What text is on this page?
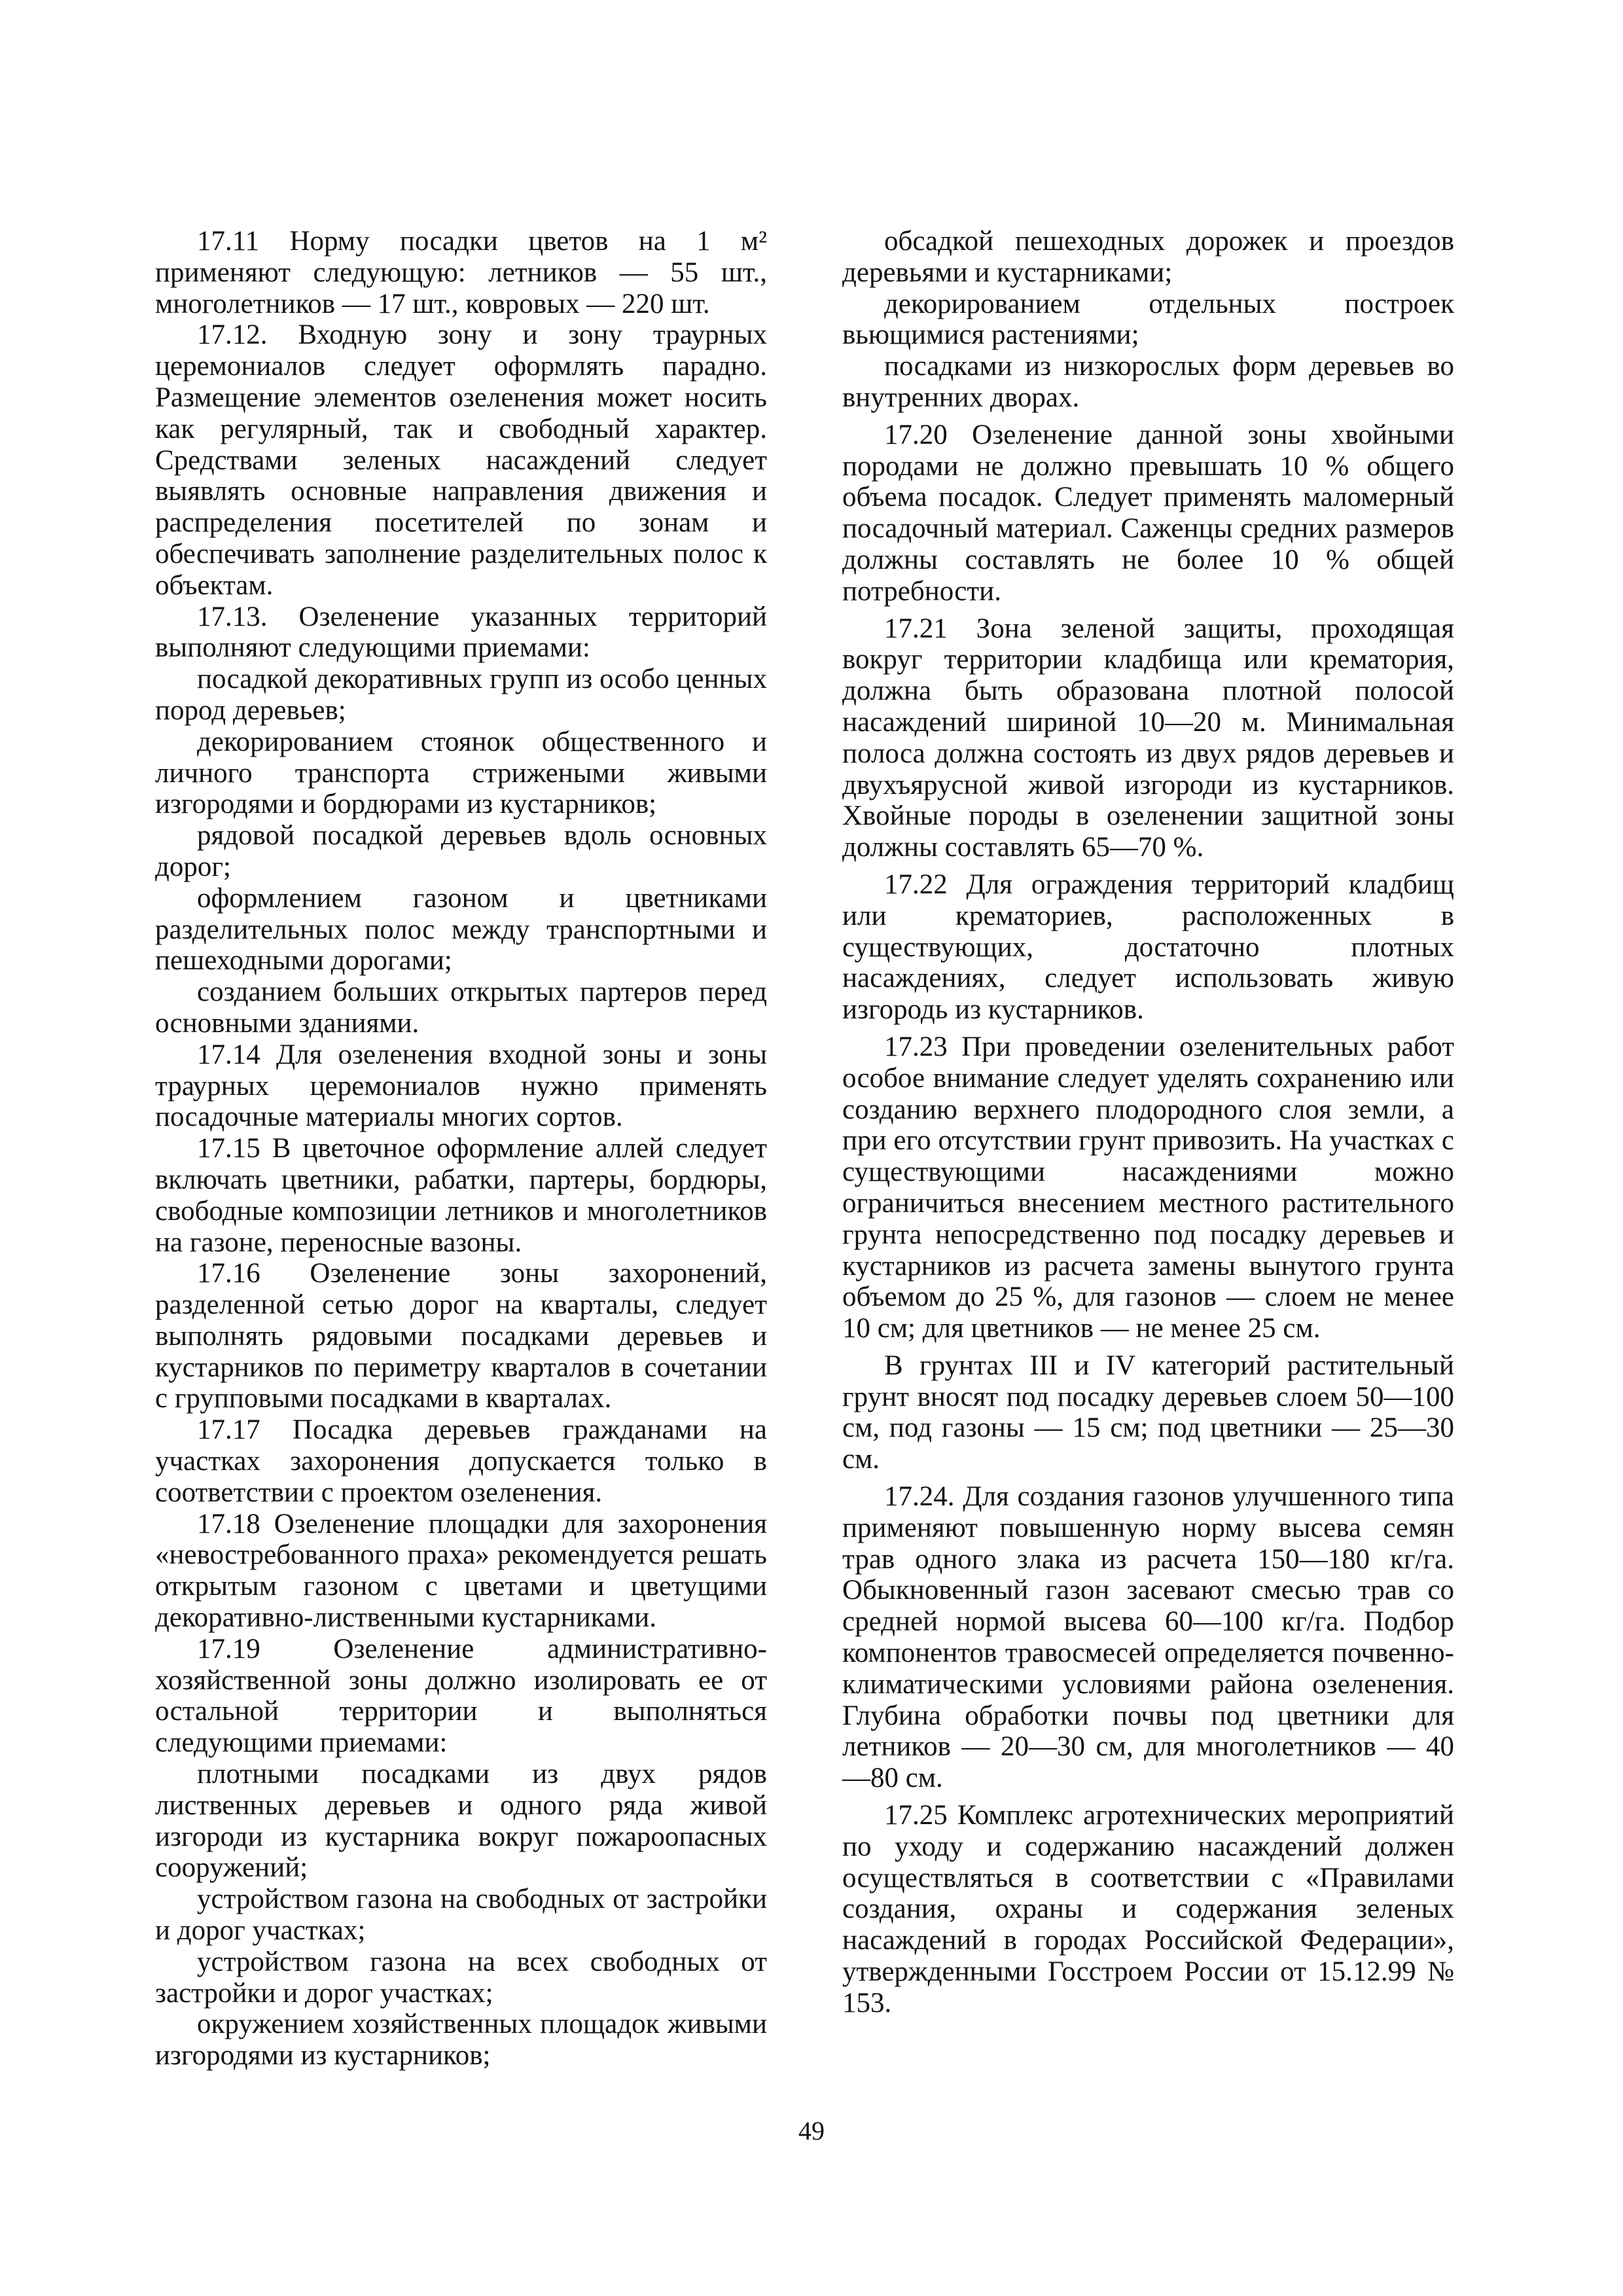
17.11 Норму посадки цветов на 1 м² применяют следующую: летников — 55 шт., многолетников — 17 шт., ковровых — 220 шт.

17.12. Входную зону и зону траурных церемониалов следует оформлять парадно. Размещение элементов озеленения может носить как регулярный, так и свободный характер. Средствами зеленых насаждений следует выявлять основные направления движения и распределения посетителей по зонам и обеспечивать заполнение разделительных полос к объектам.

17.13. Озеленение указанных территорий выполняют следующими приемами:

посадкой декоративных групп из особо ценных пород деревьев;

декорированием стоянок общественного и личного транспорта стрижеными живыми изгородями и бордюрами из кустарников;

рядовой посадкой деревьев вдоль основных дорог;

оформлением газоном и цветниками разделительных полос между транспортными и пешеходными дорогами;

созданием больших открытых партеров перед основными зданиями.

17.14 Для озеленения входной зоны и зоны траурных церемониалов нужно применять посадочные материалы многих сортов.

17.15 В цветочное оформление аллей следует включать цветники, рабатки, партеры, бордюры, свободные композиции летников и многолетников на газоне, переносные вазоны.

17.16 Озеленение зоны захоронений, разделенной сетью дорог на кварталы, следует выполнять рядовыми посадками деревьев и кустарников по периметру кварталов в сочетании с групповыми посадками в кварталах.

17.17 Посадка деревьев гражданами на участках захоронения допускается только в соответствии с проектом озеленения.

17.18 Озеленение площадки для захоронения «невостребованного праха» рекомендуется решать открытым газоном с цветами и цветущими декоративно-лиственными кустарниками.

17.19 Озеленение административно-хозяйственной зоны должно изолировать ее от остальной территории и выполняться следующими приемами:

плотными посадками из двух рядов лиственных деревьев и одного ряда живой изгороди из кустарника вокруг пожароопасных сооружений;

устройством газона на свободных от застройки и дорог участках;

устройством газона на всех свободных от застройки и дорог участках;

окружением хозяйственных площадок живыми изгородями из кустарников;

обсадкой пешеходных дорожек и проездов деревьями и кустарниками;

декорированием отдельных построек вьющимися растениями;

посадками из низкорослых форм деревьев во внутренних дворах.

17.20 Озеленение данной зоны хвойными породами не должно превышать 10 % общего объема посадок. Следует применять маломерный посадочный материал. Саженцы средних размеров должны составлять не более 10 % общей потребности.

17.21 Зона зеленой защиты, проходящая вокруг территории кладбища или крематория, должна быть образована плотной полосой насаждений шириной 10—20 м. Минимальная полоса должна состоять из двух рядов деревьев и двухъярусной живой изгороди из кустарников. Хвойные породы в озеленении защитной зоны должны составлять 65—70 %.

17.22 Для ограждения территорий кладбищ или крематориев, расположенных в существующих, достаточно плотных насаждениях, следует использовать живую изгородь из кустарников.

17.23 При проведении озеленительных работ особое внимание следует уделять сохранению или созданию верхнего плодородного слоя земли, а при его отсутствии грунт привозить. На участках с существующими насаждениями можно ограничиться внесением местного растительного грунта непосредственно под посадку деревьев и кустарников из расчета замены вынутого грунта объемом до 25 %, для газонов — слоем не менее 10 см; для цветников — не менее 25 см.

В грунтах III и IV категорий растительный грунт вносят под посадку деревьев слоем 50—100 см, под газоны — 15 см; под цветники — 25—30 см.

17.24. Для создания газонов улучшенного типа применяют повышенную норму высева семян трав одного злака из расчета 150—180 кг/га. Обыкновенный газон засевают смесью трав со средней нормой высева 60—100 кг/га. Подбор компонентов травосмесей определяется почвенно-климатическими условиями района озеленения. Глубина обработки почвы под цветники для летников — 20—30 см, для многолетников — 40—80 см.

17.25 Комплекс агротехнических мероприятий по уходу и содержанию насаждений должен осуществляться в соответствии с «Правилами создания, охраны и содержания зеленых насаждений в городах Российской Федерации», утвержденными Госстроем России от 15.12.99 № 153.

49
